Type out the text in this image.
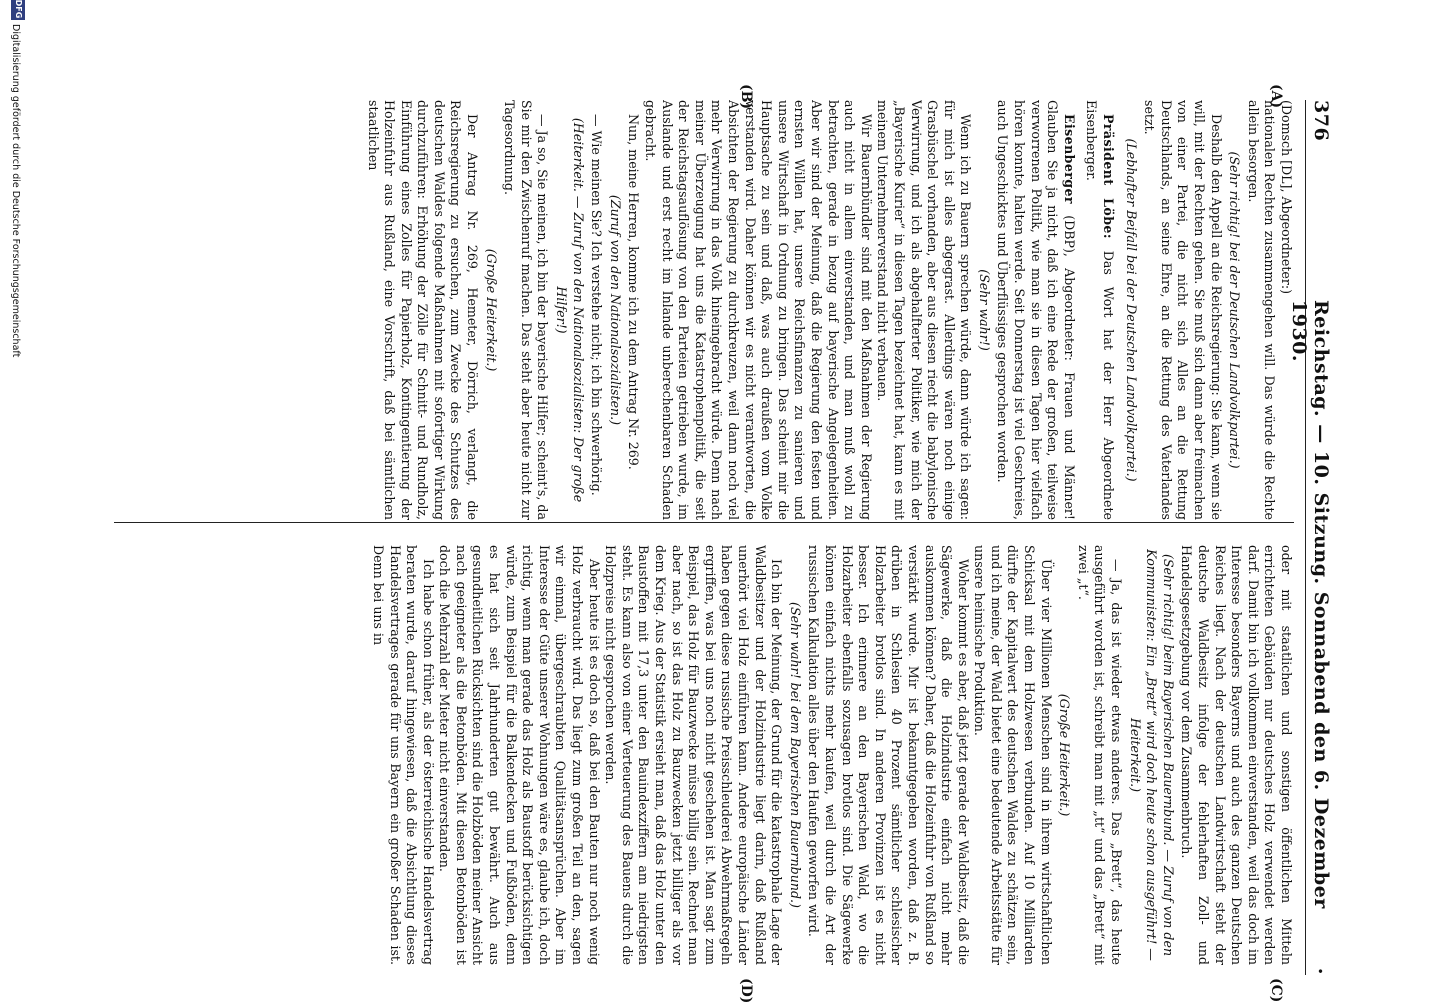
376
Reichstag. — 10. Sitzung. Sonnabend den 6. Dezember 1930.
.
(A)
(B)
(C)
(D)

(Domsch [DL], Abgeordneter:)

nationalen Rechten zusammengehen will. Das würde die Rechte allein besorgen.

(Sehr richtig! bei der Deutschen Landvolkpartei.)

Deshalb den Appell an die Reichsregierung: Sie kann, wenn sie will, mit der Rechten gehen. Sie muß sich dann aber freimachen von einer Partei, die nicht sich Alles an die Rettung Deutschlands, an seine Ehre, an die Rettung des Vaterlandes setzt.

(Lebhafter Beifall bei der Deutschen Landvolkpartei.)

Präsident Löbe: Das Wort hat der Herr Abgeordnete Eisenberger.

Eisenberger (DBP), Abgeordneter: Frauen und Männer! Glauben Sie ja nicht, daß ich eine Rede der großen, teilweise verworrenen Politik, wie man sie in diesen Tagen hier vielfach hören konnte, halten werde. Seit Donnerstag ist viel Geschreies, auch Ungeschicktes und Überflüssiges gesprochen worden.

(Sehr wahr!)

Wenn ich zu Bauern sprechen würde, dann würde ich sagen: für mich ist alles abgegrast. Allerdings wären noch einige Grasbüschel vorhanden, aber aus diesen riecht die babylonische Verwirrung, und ich als abgehalfterter Politiker, wie mich der „Bayerische Kurier“ in diesen Tagen bezeichnet hat, kann es mit meinem Unternehmerverstand nicht verbauen.

Wir Bauernbündler sind mit den Maßnahmen der Regierung auch nicht in allem einverstanden, und man muß wohl zu betrachten, gerade in bezug auf bayerische Angelegenheiten. Aber wir sind der Meinung, daß die Regierung den festen und ernsten Willen hat, unsere Reichsfinanzen zu sanieren und unsere Wirtschaft in Ordnung zu bringen. Das scheint mir die Hauptsache zu sein und daß, was auch draußen vom Volke verstanden wird. Daher können wir es nicht verantworten, die Absichten der Regierung zu durchkreuzen, weil dann noch viel mehr Verwirrung in das Volk hineingebracht würde. Denn nach meiner Überzeugung hat uns die Katastrophenpolitik, die seit der Reichstagsauflösung von den Parteien getrieben wurde, im Auslande und erst recht im Inlande unberechenbaren Schaden gebracht.

Nun, meine Herren, komme ich zu dem Antrag Nr. 269.

(Zuruf von den Nationalsozialisten.)

— Wie meinen Sie? Ich verstehe nicht; ich bin schwerhörig.

(Heiterkeit. — Zuruf von den Nationalsozialisten: Der große Hilfer!)

— Ja so, Sie meinen, ich bin der bayerische Hilfer; scheint's, da Sie mir den Zwischenruf machen. Das steht aber heute nicht zur Tagesordnung.

(Große Heiterkeit.)

Der Antrag Nr. 269, Hemeter, Dörrich, verlangt, die Reichsregierung zu ersuchen, zum Zwecke des Schutzes des deutschen Waldes folgende Maßnahmen mit sofortiger Wirkung durchzuführen: Erhöhung der Zölle für Schnitt- und Rundholz, Einführung eines Zolles für Papierholz, Kontingentierung der Holzeinfuhr aus Rußland, eine Vorschrift, daß bei sämtlichen staatlichen

oder mit staatlichen und sonstigen öffentlichen Mitteln errichteten Gebäuden nur deutsches Holz verwendet werden darf. Damit bin ich vollkommen einverstanden, weil das doch im Interesse besonders Bayerns und auch des ganzen Deutschen Reiches liegt. Nach der deutschen Landwirtschaft steht der deutsche Waldbesitz infolge der fehlerhaften Zoll- und Handelsgesetzgebung vor dem Zusammenbruch.

(Sehr richtig! beim Bayerischen Bauernbund. — Zuruf von den Kommunisten: Ein „Brett“ wird doch heute schon ausgeführt! — Heiterkeit.)

— Ja, das ist wieder etwas anderes. Das „Brett“, das heute ausgeführt worden ist, schreibt man mit „tt“ und das „Brett“ mit zwei „t“.

(Große Heiterkeit.)

Über vier Millionen Menschen sind in ihrem wirtschaftlichen Schicksal mit dem Holzwesen verbunden. Auf 10 Milliarden dürfte der Kapitalwert des deutschen Waldes zu schätzen sein, und ich meine, der Wald bietet eine bedeutende Arbeitsstätte für unsere heimische Produktion.

Woher kommt es aber, daß jetzt gerade der Waldbesitz, daß die Sägewerke, daß die Holzindustrie einfach nicht mehr auskommen können? Daher, daß die Holzeinfuhr von Rußland so verstärkt wurde. Mir ist bekanntgegeben worden, daß z. B. drüben in Schlesien 40 Prozent sämtlicher schlesischer Holzarbeiter brotlos sind. In anderen Provinzen ist es nicht besser. Ich erinnere an den Bayerischen Wald, wo die Holzarbeiter ebenfalls sozusagen brotlos sind. Die Sägewerke können einfach nichts mehr kaufen, weil durch die Art der russischen Kalkulation alles über den Haufen geworfen wird.

(Sehr wahr! bei dem Bayerischen Bauernbund.)

Ich bin der Meinung, der Grund für die katastrophale Lage der Waldbesitzer und der Holzindustrie liegt darin, daß Rußland unerhört viel Holz einführen kann. Andere europäische Länder haben gegen diese russische Preisschleuderei Abwehrmaßregeln ergriffen, was bei uns noch nicht geschehen ist. Man sagt zum Beispiel, das Holz für Bauzwecke müsse billig sein. Rechnet man aber nach, so ist das Holz zu Bauzwecken jetzt billiger als vor dem Krieg. Aus der Statistik ersieht man, daß das Holz unter den Baustoffen mit 17,3 unter den Bauindexziffern am niedrigsten steht. Es kann also von einer Verteuerung des Bauens durch die Holzpreise nicht gesprochen werden.

Aber heute ist es doch so, daß bei den Bauten nur noch wenig Holz verbraucht wird. Das liegt zum großen Teil an den, sagen wir einmal, übergeschraubten Qualitätsansprüchen. Aber im Interesse der Güte unserer Wohnungen wäre es, glaube ich, doch richtig, wenn man gerade das Holz als Baustoff berücksichtigen würde, zum Beispiel für die Balkendecken und Fußböden, denn es hat sich seit Jahrhunderten gut bewährt. Auch aus gesundheitlichen Rücksichten sind die Holzböden meiner Ansicht nach geeigneter als die Betonböden. Mit diesen Betonböden ist doch die Mehrzahl der Mieter nicht einverstanden.

Ich habe schon früher, als der österreichische Handelsvertrag beraten wurde, darauf hingewiesen, daß die Absichtlung dieses Handelsvertrages gerade für uns Bayern ein großer Schaden ist. Denn bei uns in

DFG
Digitalisierung gefördert durch die Deutsche Forschungsgemeinschaft
